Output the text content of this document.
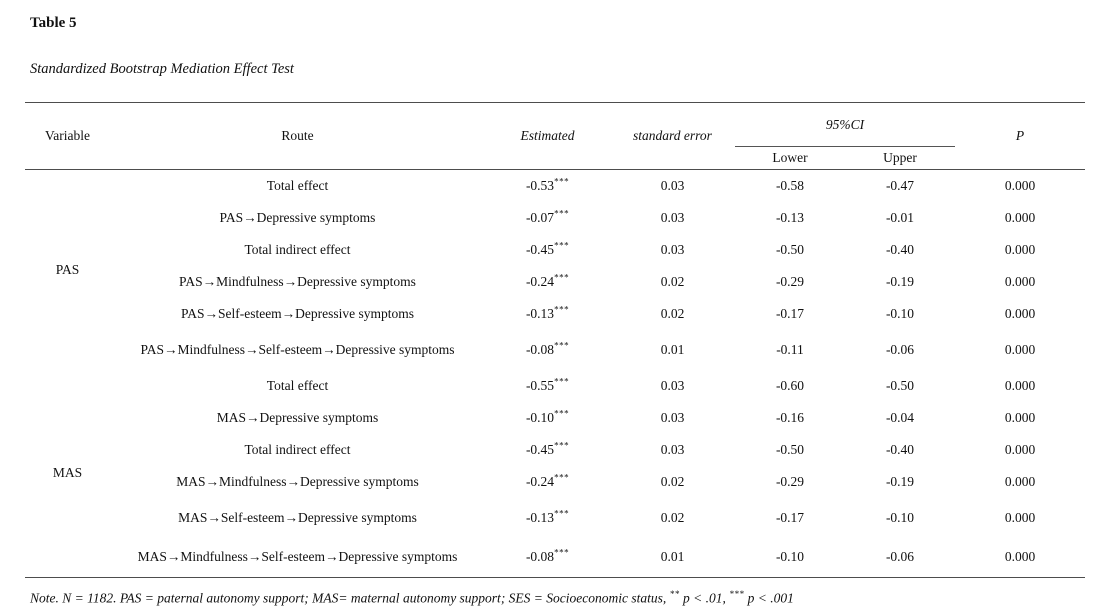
Table 5

Standardized Bootstrap Mediation Effect Test

Variable	Route	Estimated	standard error	95%CI		P
				Lower	Upper	
PAS	Total effect	-0.53***	0.03	-0.58	-0.47	0.000
	PAS→Depressive symptoms	-0.07***	0.03	-0.13	-0.01	0.000
	Total indirect effect	-0.45***	0.03	-0.50	-0.40	0.000
	PAS→Mindfulness→Depressive symptoms	-0.24***	0.02	-0.29	-0.19	0.000
	PAS→Self-esteem→Depressive symptoms	-0.13***	0.02	-0.17	-0.10	0.000
	PAS→Mindfulness→Self-esteem→Depressive symptoms	-0.08***	0.01	-0.11	-0.06	0.000
MAS	Total effect	-0.55***	0.03	-0.60	-0.50	0.000
	MAS→Depressive symptoms	-0.10***	0.03	-0.16	-0.04	0.000
	Total indirect effect	-0.45***	0.03	-0.50	-0.40	0.000
	MAS→Mindfulness→Depressive symptoms	-0.24***	0.02	-0.29	-0.19	0.000
	MAS→Self-esteem→Depressive symptoms	-0.13***	0.02	-0.17	-0.10	0.000
	MAS→Mindfulness→Self-esteem→Depressive symptoms	-0.08***	0.01	-0.10	-0.06	0.000

Note. N = 1182. PAS = paternal autonomy support; MAS= maternal autonomy support; SES = Socioeconomic status, ** p < .01, *** p < .001
